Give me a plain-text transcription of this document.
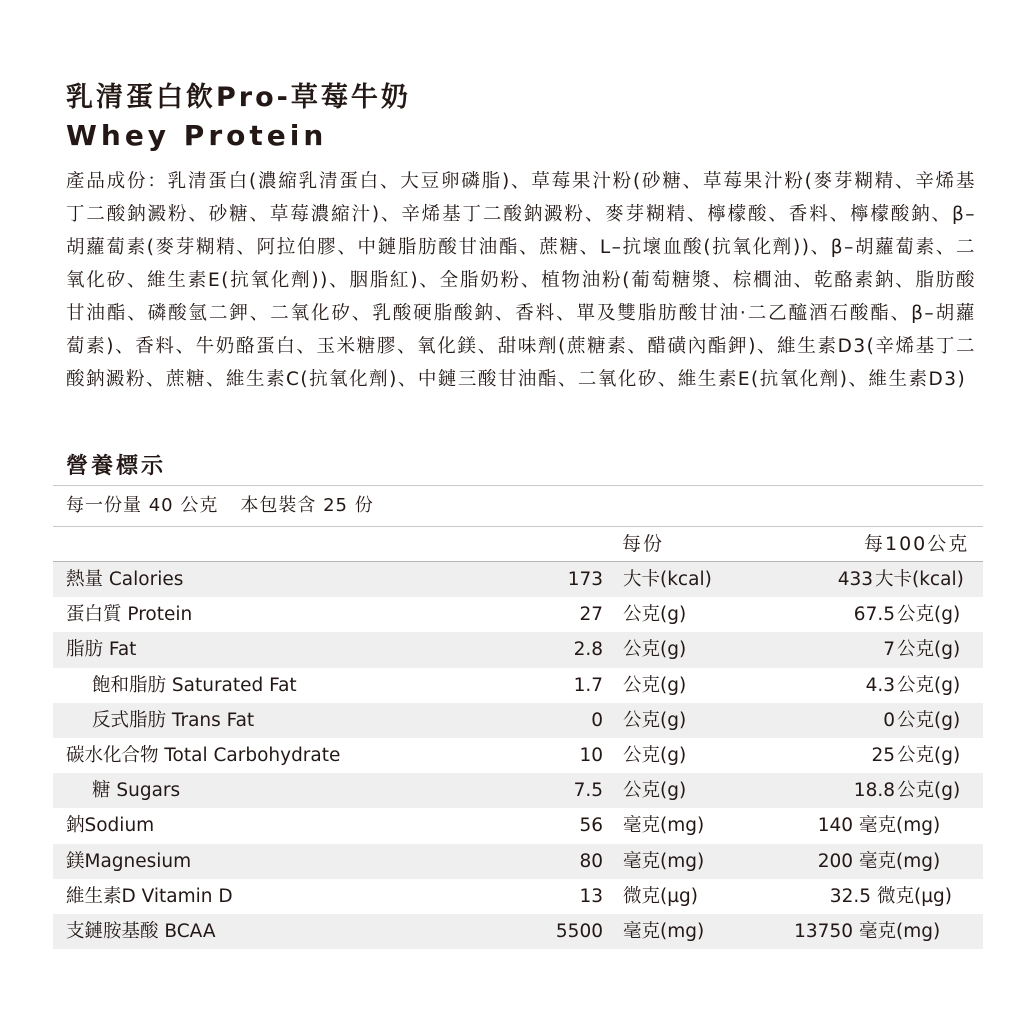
乳清蛋白飲Pro-草莓牛奶
Whey Protein
產品成份：乳清蛋白(濃縮乳清蛋白、大豆卵磷脂)、草莓果汁粉(砂糖、草莓果汁粉(麥芽糊精、辛烯基丁二酸鈉澱粉、砂糖、草莓濃縮汁)、辛烯基丁二酸鈉澱粉、麥芽糊精、檸檬酸、香料、檸檬酸鈉、β–胡蘿蔔素(麥芽糊精、阿拉伯膠、中鏈脂肪酸甘油酯、蔗糖、L–抗壞血酸(抗氧化劑))、β–胡蘿蔔素、二氧化矽、維生素E(抗氧化劑))、胭脂紅)、全脂奶粉、植物油粉(葡萄糖漿、棕櫚油、乾酪素鈉、脂肪酸甘油酯、磷酸氫二鉀、二氧化矽、乳酸硬脂酸鈉、香料、單及雙脂肪酸甘油·二乙醯酒石酸酯、β–胡蘿蔔素)、香料、牛奶酪蛋白、玉米糖膠、氧化鎂、甜味劑(蔗糖素、醋磺內酯鉀)、維生素D3(辛烯基丁二酸鈉澱粉、蔗糖、維生素C(抗氧化劑)、中鏈三酸甘油酯、二氧化矽、維生素E(抗氧化劑)、維生素D3)
營養標示
每一份量 40 公克 本包裝含 25 份
每份	每100公克
熱量 Calories	173 大卡(kcal)	433 大卡(kcal)
蛋白質 Protein	27 公克(g)	67.5 公克(g)
脂肪 Fat	2.8 公克(g)	7 公克(g)
飽和脂肪 Saturated Fat	1.7 公克(g)	4.3 公克(g)
反式脂肪 Trans Fat	0 公克(g)	0 公克(g)
碳水化合物 Total Carbohydrate	10 公克(g)	25 公克(g)
糖 Sugars	7.5 公克(g)	18.8 公克(g)
鈉Sodium	56 毫克(mg)	140 毫克(mg)
鎂Magnesium	80 毫克(mg)	200 毫克(mg)
維生素D Vitamin D	13 微克(µg)	32.5 微克(µg)
支鏈胺基酸 BCAA	5500 毫克(mg)	13750 毫克(mg)
